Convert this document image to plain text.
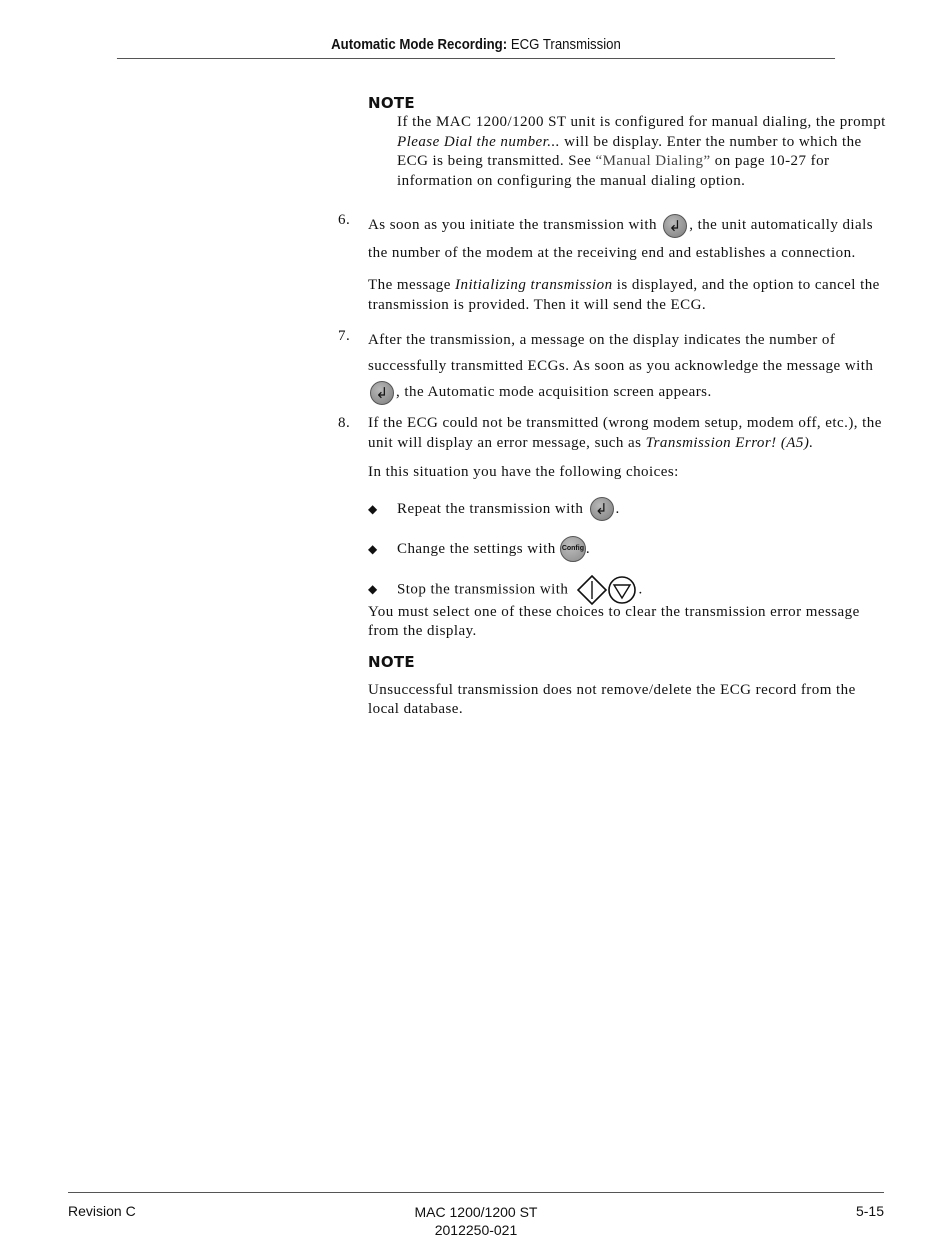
Automatic Mode Recording: ECG Transmission

NOTE

If the MAC 1200/1200 ST unit is configured for manual dialing, the prompt Please Dial the number... will be display. Enter the number to which the ECG is being transmitted. See “Manual Dialing” on page 10-27 for information on configuring the manual dialing option.

6. As soon as you initiate the transmission with ↲ , the unit automatically dials the number of the modem at the receiving end and establishes a connection.

The message Initializing transmission is displayed, and the option to cancel the transmission is provided. Then it will send the ECG.

7. After the transmission, a message on the display indicates the number of successfully transmitted ECGs. As soon as you acknowledge the message with ↲ , the Automatic mode acquisition screen appears.

8. If the ECG could not be transmitted (wrong modem setup, modem off, etc.), the unit will display an error message, such as Transmission Error! (A5).

In this situation you have the following choices:

◆ Repeat the transmission with ↲ .
◆ Change the settings with Config .
◆ Stop the transmission with	.

You must select one of these choices to clear the transmission error message from the display.

NOTE

Unsuccessful transmission does not remove/delete the ECG record from the local database.

Revision C	MAC 1200/1200 ST
2012250-021
5-15
